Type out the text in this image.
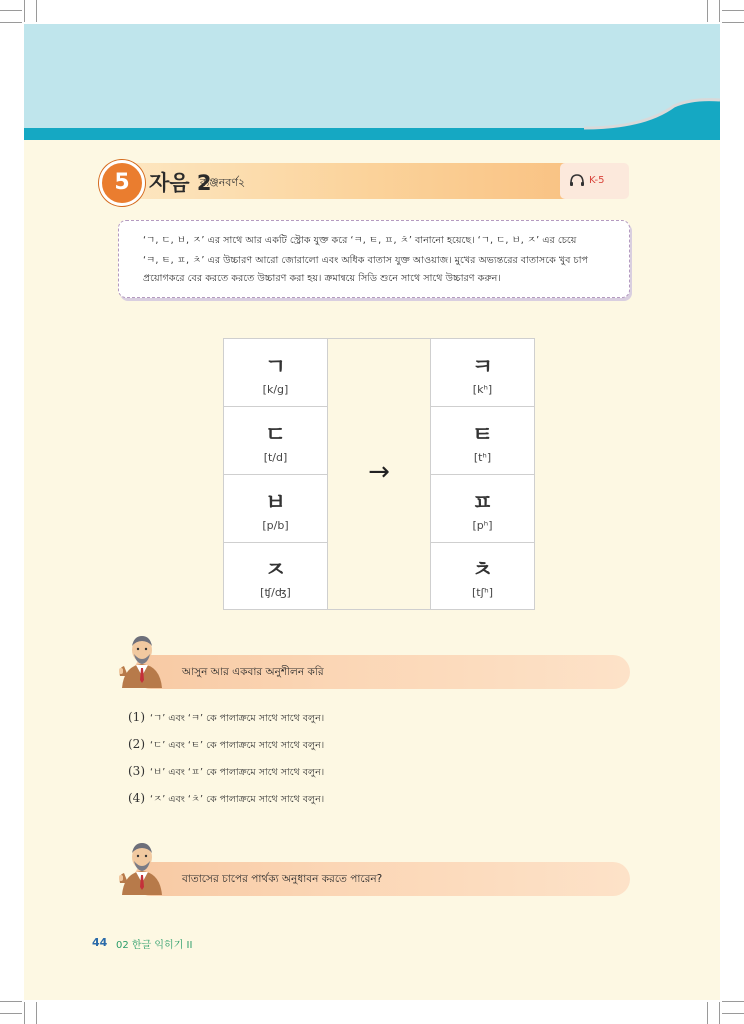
5 자음 2
ব্যঞ্জনবর্ণ২	K-5
‘ㄱ, ㄷ, ㅂ, ㅈ’ এর সাথে আর একটি স্ট্রোক যুক্ত করে ‘ㅋ, ㅌ, ㅍ, ㅊ’ বানানো হয়েছে। ‘ㄱ, ㄷ, ㅂ, ㅈ’ এর চেয়ে
‘ㅋ, ㅌ, ㅍ, ㅊ’ এর উচ্চারণ আরো জোরালো এবং অধিক বাতাস যুক্ত আওয়াজ। মুখের অভ্যন্তরের বাতাসকে খুব চাপ
প্রয়োগকরে বের করতে করতে উচ্চারণ করা হয়। ক্রমান্বয়ে সিডি শুনে সাথে সাথে উচ্চারণ করুন।
ㄱ
[k/g]
ㄷ
[t/d]
ㅂ
[p/b]
ㅈ
[ʧ/ʤ]
→
ㅋ
[kʰ]
ㅌ
[tʰ]
ㅍ
[pʰ]
ㅊ
[tʃʰ]
আসুন আর একবার অনুশীলন করি
(1) ‘ㄱ’ এবং ‘ㅋ’ কে পালাক্রমে সাথে সাথে বলুন।
(2) ‘ㄷ’ এবং ‘ㅌ’ কে পালাক্রমে সাথে সাথে বলুন।
(3) ‘ㅂ’ এবং ‘ㅍ’ কে পালাক্রমে সাথে সাথে বলুন।
(4) ‘ㅈ’ এবং ‘ㅊ’ কে পালাক্রমে সাথে সাথে বলুন।
বাতাসের চাপের পার্থক্য অনুধাবন করতে পারেন?
44 02 한글 익히기 II
